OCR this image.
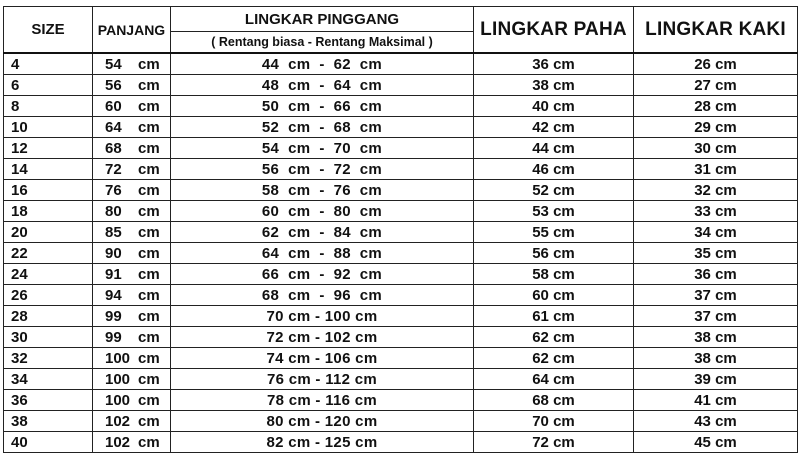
SIZE	PANJANG	LINGKAR PINGGANG	LINGKAR PAHA	LINGKAR KAKI
		( Rentang biasa - Rentang Maksimal )		
4	54 cm	44  cm  -  62  cm	36 cm	26 cm
6	56 cm	48  cm  -  64  cm	38 cm	27 cm
8	60 cm	50  cm  -  66  cm	40 cm	28 cm
10	64 cm	52  cm  -  68  cm	42 cm	29 cm
12	68 cm	54  cm  -  70  cm	44 cm	30 cm
14	72 cm	56  cm  -  72  cm	46 cm	31 cm
16	76 cm	58  cm  -  76  cm	52 cm	32 cm
18	80 cm	60  cm  -  80  cm	53 cm	33 cm
20	85 cm	62  cm  -  84  cm	55 cm	34 cm
22	90 cm	64  cm  -  88  cm	56 cm	35 cm
24	91 cm	66  cm  -  92  cm	58 cm	36 cm
26	94 cm	68  cm  -  96  cm	60 cm	37 cm
28	99 cm	70 cm - 100 cm	61 cm	37 cm
30	99 cm	72 cm - 102 cm	62 cm	38 cm
32	100 cm	74 cm - 106 cm	62 cm	38 cm
34	100 cm	76 cm - 112 cm	64 cm	39 cm
36	100 cm	78 cm - 116 cm	68 cm	41 cm
38	102 cm	80 cm - 120 cm	70 cm	43 cm
40	102 cm	82 cm - 125 cm	72 cm	45 cm
